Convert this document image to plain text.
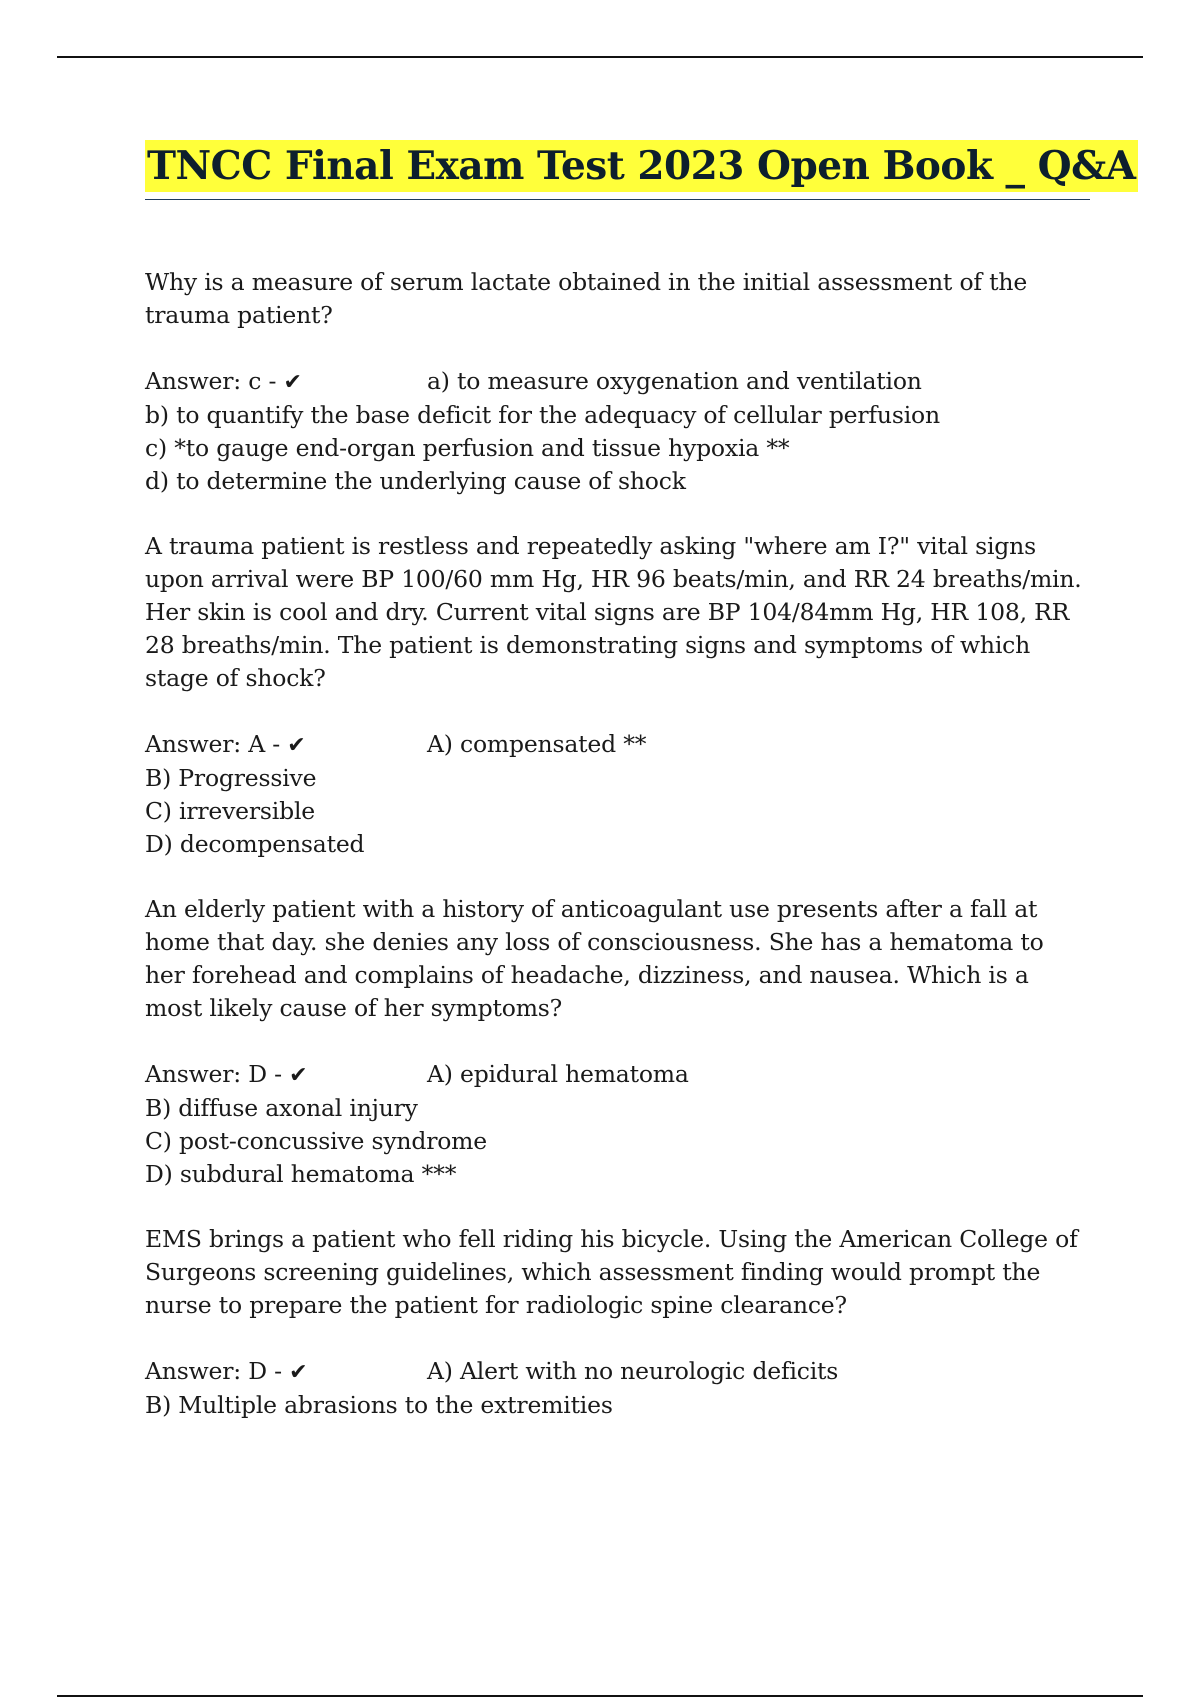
TNCC Final Exam Test 2023 Open Book _ Q&A

Why is a measure of serum lactate obtained in the initial assessment of the trauma patient?

Answer: c - ✔	a) to measure oxygenation and ventilation
b) to quantify the base deficit for the adequacy of cellular perfusion
c) *to gauge end-organ perfusion and tissue hypoxia **
d) to determine the underlying cause of shock

A trauma patient is restless and repeatedly asking "where am I?" vital signs upon arrival were BP 100/60 mm Hg, HR 96 beats/min, and RR 24 breaths/min. Her skin is cool and dry. Current vital signs are BP 104/84mm Hg, HR 108, RR 28 breaths/min. The patient is demonstrating signs and symptoms of which stage of shock?

Answer: A - ✔	A) compensated **
B) Progressive
C) irreversible
D) decompensated

An elderly patient with a history of anticoagulant use presents after a fall at home that day. she denies any loss of consciousness. She has a hematoma to her forehead and complains of headache, dizziness, and nausea. Which is a most likely cause of her symptoms?

Answer: D - ✔	A) epidural hematoma
B) diffuse axonal injury
C) post-concussive syndrome
D) subdural hematoma ***

EMS brings a patient who fell riding his bicycle. Using the American College of Surgeons screening guidelines, which assessment finding would prompt the nurse to prepare the patient for radiologic spine clearance?

Answer: D - ✔	A) Alert with no neurologic deficits
B) Multiple abrasions to the extremities
